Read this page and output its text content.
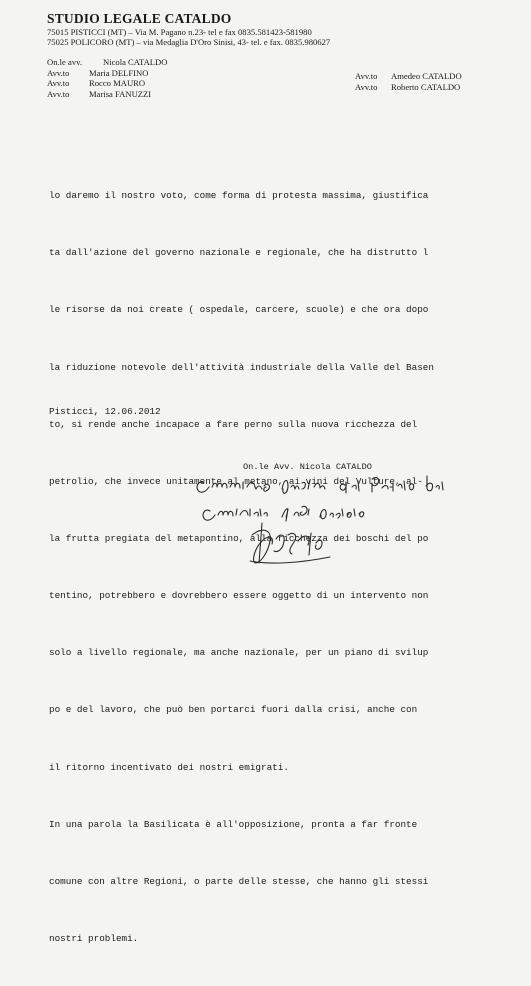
STUDIO LEGALE CATALDO
75015 PISTICCI (MT) – Via M. Pagano n.23- tel e fax 0835.581423-581980
75025 POLICORO (MT) – via Medaglia D'Oro Sinisi, 43- tel. e fax. 0835.980627
On.le avv.	Nicola CATALDO
Avv.to	Maria DELFINO
Avv.to	Rocco MAURO
Avv.to	Marisa FANUZZI
Avv.to	Amedeo CATALDO
Avv.to	Roberto CATALDO

lo daremo il nostro voto, come forma di protesta massima, giustifica

ta dall'azione del governo nazionale e regionale, che ha distrutto l

le risorse da noi create ( ospedale, carcere, scuole) e che ora dopo

la riduzione notevole dell'attività industriale della Valle del Basen

to, si rende anche incapace a fare perno sulla nuova ricchezza del

petrolio, che invece unitamente al metano, ai vini del Vulture, al-

la frutta pregiata del metapontino, alla ricchezza dei boschi del po

tentino, potrebbero e dovrebbero essere oggetto di un intervento non

solo a livello regionale, ma anche nazionale, per un piano di svilup

po e del lavoro, che può ben portarci fuori dalla crisi, anche con

il ritorno incentivato dei nostri emigrati.

In una parola la Basilicata è all'opposizione, pronta a far fronte

comune con altre Regioni, o parte delle stesse, che hanno gli stessi

nostri problemi.

Pisticci, 12.06.2012
On.le Avv. Nicola CATALDO
